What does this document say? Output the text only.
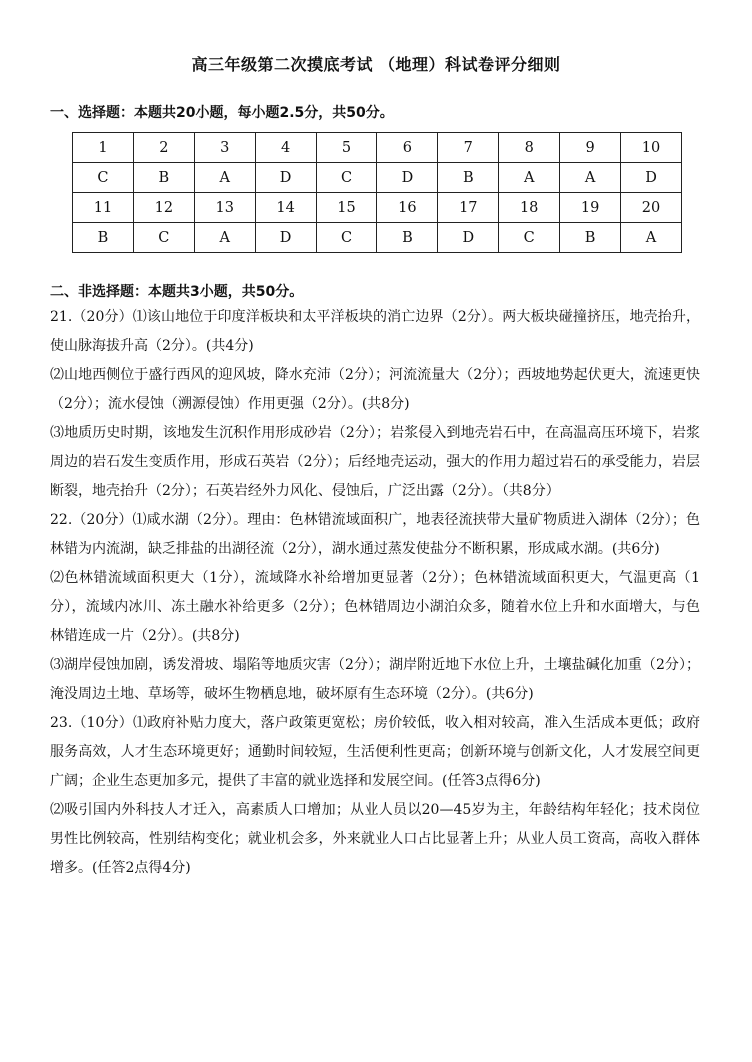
高三年级第二次摸底考试 （地理）科试卷评分细则
一、选择题：本题共20小题，每小题2.5分，共50分。
1	2	3	4	5	6	7	8	9	10
C	B	A	D	C	D	B	A	A	D
11	12	13	14	15	16	17	18	19	20
B	C	A	D	C	B	D	C	B	A
二、非选择题：本题共3小题，共50分。

21.（20分）⑴该山地位于印度洋板块和太平洋板块的消亡边界（2分）。两大板块碰撞挤压，地壳抬升，使山脉海拔升高（2分）。(共4分)

⑵山地西侧位于盛行西风的迎风坡，降水充沛（2分）；河流流量大（2分）；西坡地势起伏更大，流速更快（2分）；流水侵蚀（溯源侵蚀）作用更强（2分）。(共8分)

⑶地质历史时期，该地发生沉积作用形成砂岩（2分）；岩浆侵入到地壳岩石中，在高温高压环境下，岩浆周边的岩石发生变质作用，形成石英岩（2分）；后经地壳运动，强大的作用力超过岩石的承受能力，岩层断裂，地壳抬升（2分）；石英岩经外力风化、侵蚀后，广泛出露（2分）。（共8分）

22.（20分）⑴咸水湖（2分）。理由：色林错流域面积广，地表径流挟带大量矿物质进入湖体（2分）；色林错为内流湖，缺乏排盐的出湖径流（2分），湖水通过蒸发使盐分不断积累，形成咸水湖。(共6分)

⑵色林错流域面积更大（1分），流域降水补给增加更显著（2分）；色林错流域面积更大，气温更高（1分），流域内冰川、冻土融水补给更多（2分）；色林错周边小湖泊众多，随着水位上升和水面增大，与色林错连成一片（2分）。(共8分)

⑶湖岸侵蚀加剧，诱发滑坡、塌陷等地质灾害（2分）；湖岸附近地下水位上升，土壤盐碱化加重（2分）；淹没周边土地、草场等，破坏生物栖息地，破坏原有生态环境（2分）。(共6分)

23.（10分）⑴政府补贴力度大，落户政策更宽松；房价较低，收入相对较高，准入生活成本更低；政府服务高效，人才生态环境更好；通勤时间较短，生活便利性更高；创新环境与创新文化，人才发展空间更广阔；企业生态更加多元，提供了丰富的就业选择和发展空间。(任答3点得6分)

⑵吸引国内外科技人才迁入，高素质人口增加；从业人员以20—45岁为主，年龄结构年轻化；技术岗位男性比例较高，性别结构变化；就业机会多，外来就业人口占比显著上升；从业人员工资高，高收入群体增多。(任答2点得4分)
